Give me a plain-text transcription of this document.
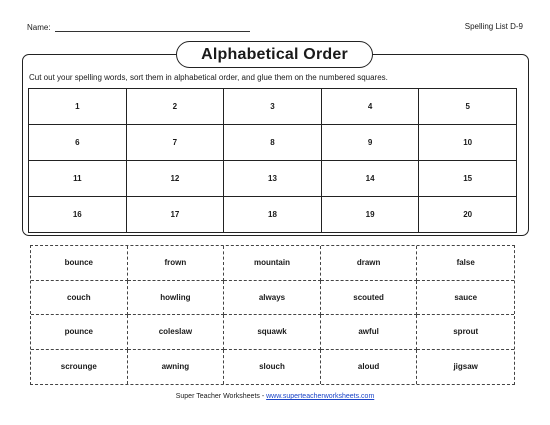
Name:	Spelling List D-9
Alphabetical Order
Cut out your spelling words, sort them in alphabetical order, and glue them on the numbered squares.
1	2	3	4	5
6	7	8	9	10
11	12	13	14	15
16	17	18	19	20
bounce	frown	mountain	drawn	false
couch	howling	always	scouted	sauce
pounce	coleslaw	squawk	awful	sprout
scrounge	awning	slouch	aloud	jigsaw
Super Teacher Worksheets - www.superteacherworksheets.com
